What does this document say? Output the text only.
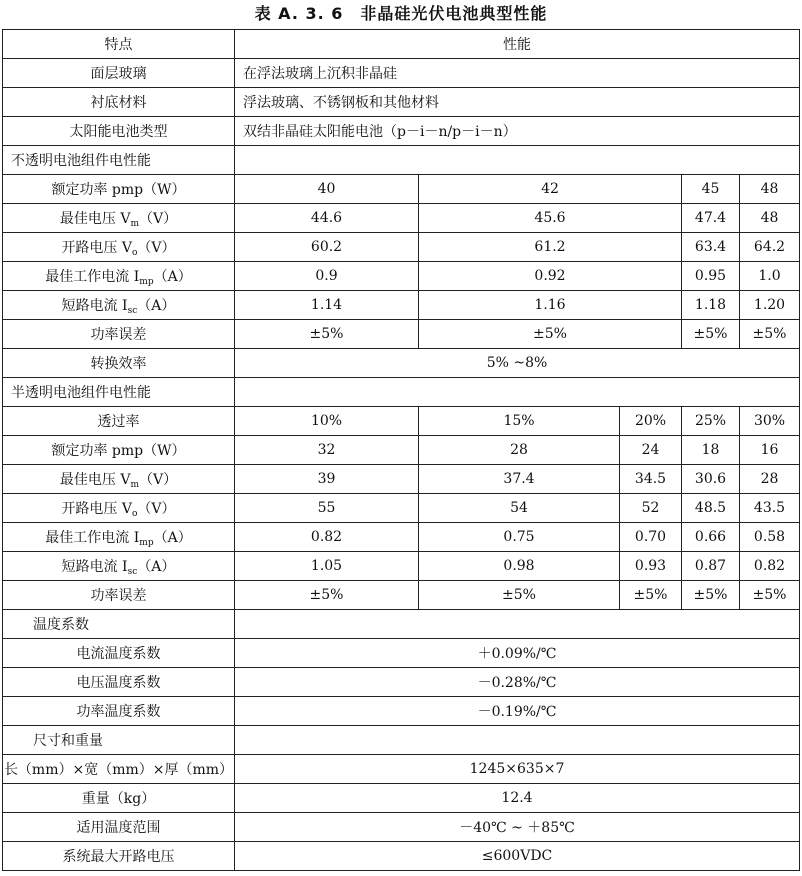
表 A. 3. 6　非晶硅光伏电池典型性能
特点	性能				
面层玻璃	在浮法玻璃上沉积非晶硅				
衬底材料	浮法玻璃、不锈钢板和其他材料				
太阳能电池类型	双结非晶硅太阳能电池（p－i－n/p－i－n）				
不透明电池组件电性能					
额定功率 pmp（W）	40	42		45	48
最佳电压 $V_m(V)$	44.6	45.6		47.4	48
开路电压 $V_o(V)$	60.2	61.2		63.4	64.2
最佳工作电流 $I_{mp}(A)$	0.9	0.92		0.95	1.0
短路电流 $I_{sc}(A)$	1.14	1.16		1.18	1.20
功率误差	±5%	±5%		±5%	±5%
转换效率	5% ~8%				
半透明电池组件电性能					
透过率	10%	15%	20%	25%	30%
额定功率 pmp（W）	32	28	24	18	16
最佳电压 $V_m(V)$	39	37.4	34.5	30.6	28
开路电压 $V_o(V)$	55	54	52	48.5	43.5
最佳工作电流 $I_{mp}(A)$	0.82	0.75	0.70	0.66	0.58
短路电流 $I_{sc}(A)$	1.05	0.98	0.93	0.87	0.82
功率误差	±5%	±5%	±5%	±5%	±5%
温度系数					
电流温度系数	＋0.09%/℃				
电压温度系数	－0.28%/℃				
功率温度系数	－0.19%/℃				
尺寸和重量					
长（mm）×宽（mm）×厚（mm）	1245×635×7				
重量（kg）	12.4				
适用温度范围	－40℃ ~ ＋85℃				
系统最大开路电压	≤600VDC				
